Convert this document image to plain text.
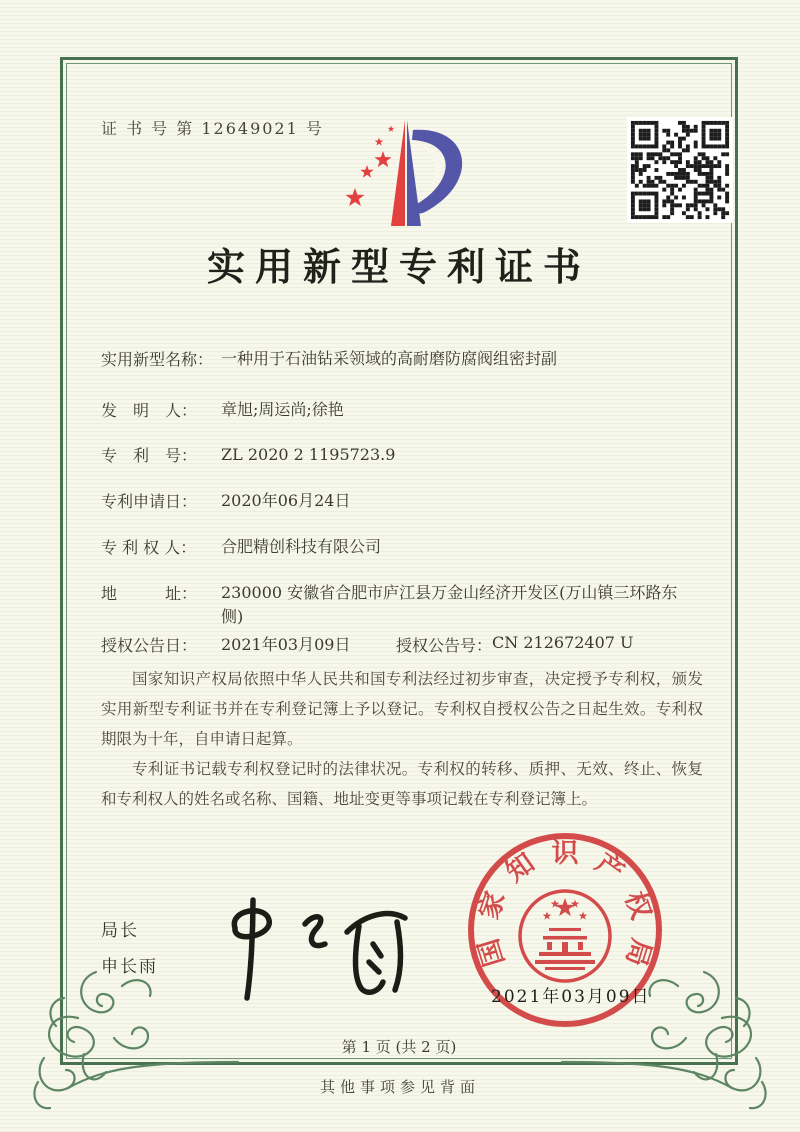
证 书 号 第 12649021 号
实用新型专利证书
实用新型名称： 一种用于石油钻采领域的高耐磨防腐阀组密封副
发　明　人：	章旭;周运尚;徐艳
专　利　号：	ZL 2020 2 1195723.9
专利申请日：	2020年06月24日
专 利 权 人：	合肥精创科技有限公司
地　　　址：	230000 安徽省合肥市庐江县万金山经济开发区(万山镇三环路东侧)
授权公告日：	2021年03月09日	授权公告号： CN 212672407 U

国家知识产权局依照中华人民共和国专利法经过初步审查，决定授予专利权，颁发实用新型专利证书并在专利登记簿上予以登记。专利权自授权公告之日起生效。专利权期限为十年，自申请日起算。

专利证书记载专利权登记时的法律状况。专利权的转移、质押、无效、终止、恢复和专利权人的姓名或名称、国籍、地址变更等事项记载在专利登记簿上。

局长
申长雨	国
家
知 识 产
权
局
2021年03月09日
第 1 页 (共 2 页)
其他事项参见背面
